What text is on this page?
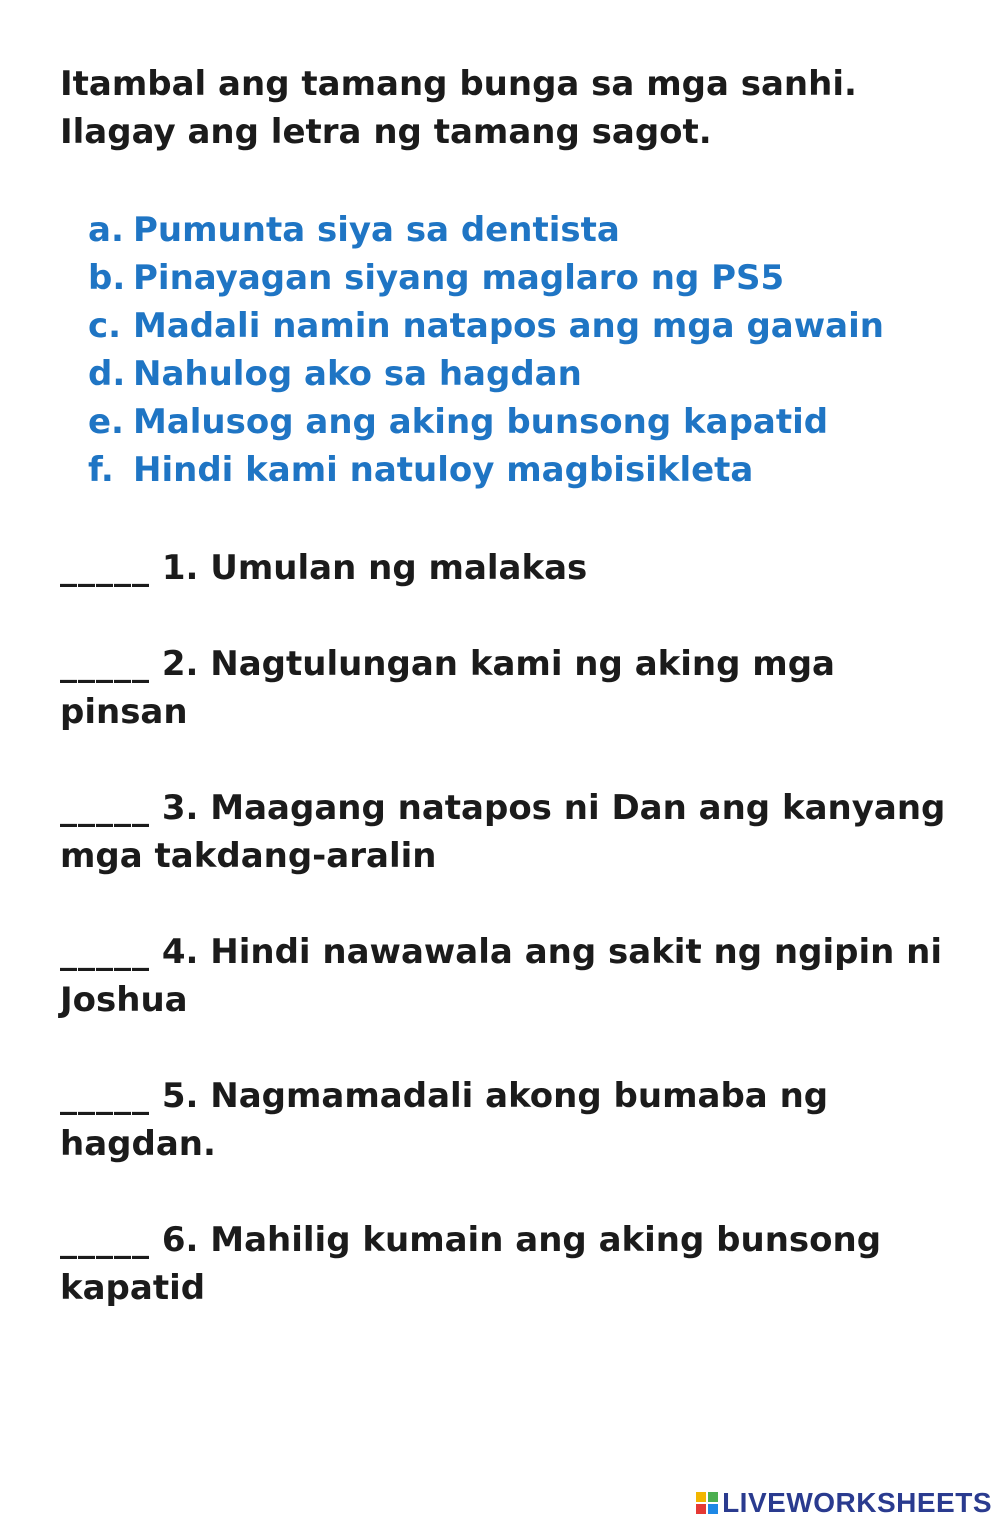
Itambal ang tamang bunga sa mga sanhi. Ilagay ang letra ng tamang sagot.

a. Pumunta siya sa dentista
b. Pinayagan siyang maglaro ng PS5
c. Madali namin natapos ang mga gawain
d. Nahulog ako sa hagdan
e. Malusog ang aking bunsong kapatid
f. Hindi kami natuloy magbisikleta
_____ 1. Umulan ng malakas
_____ 2. Nagtulungan kami ng aking mga pinsan
_____ 3. Maagang natapos ni Dan ang kanyang mga takdang-aralin
_____ 4. Hindi nawawala ang sakit ng ngipin ni Joshua
_____ 5. Nagmamadali akong bumaba ng hagdan.
_____ 6. Mahilig kumain ang aking bunsong kapatid
LIVEWORKSHEETS
